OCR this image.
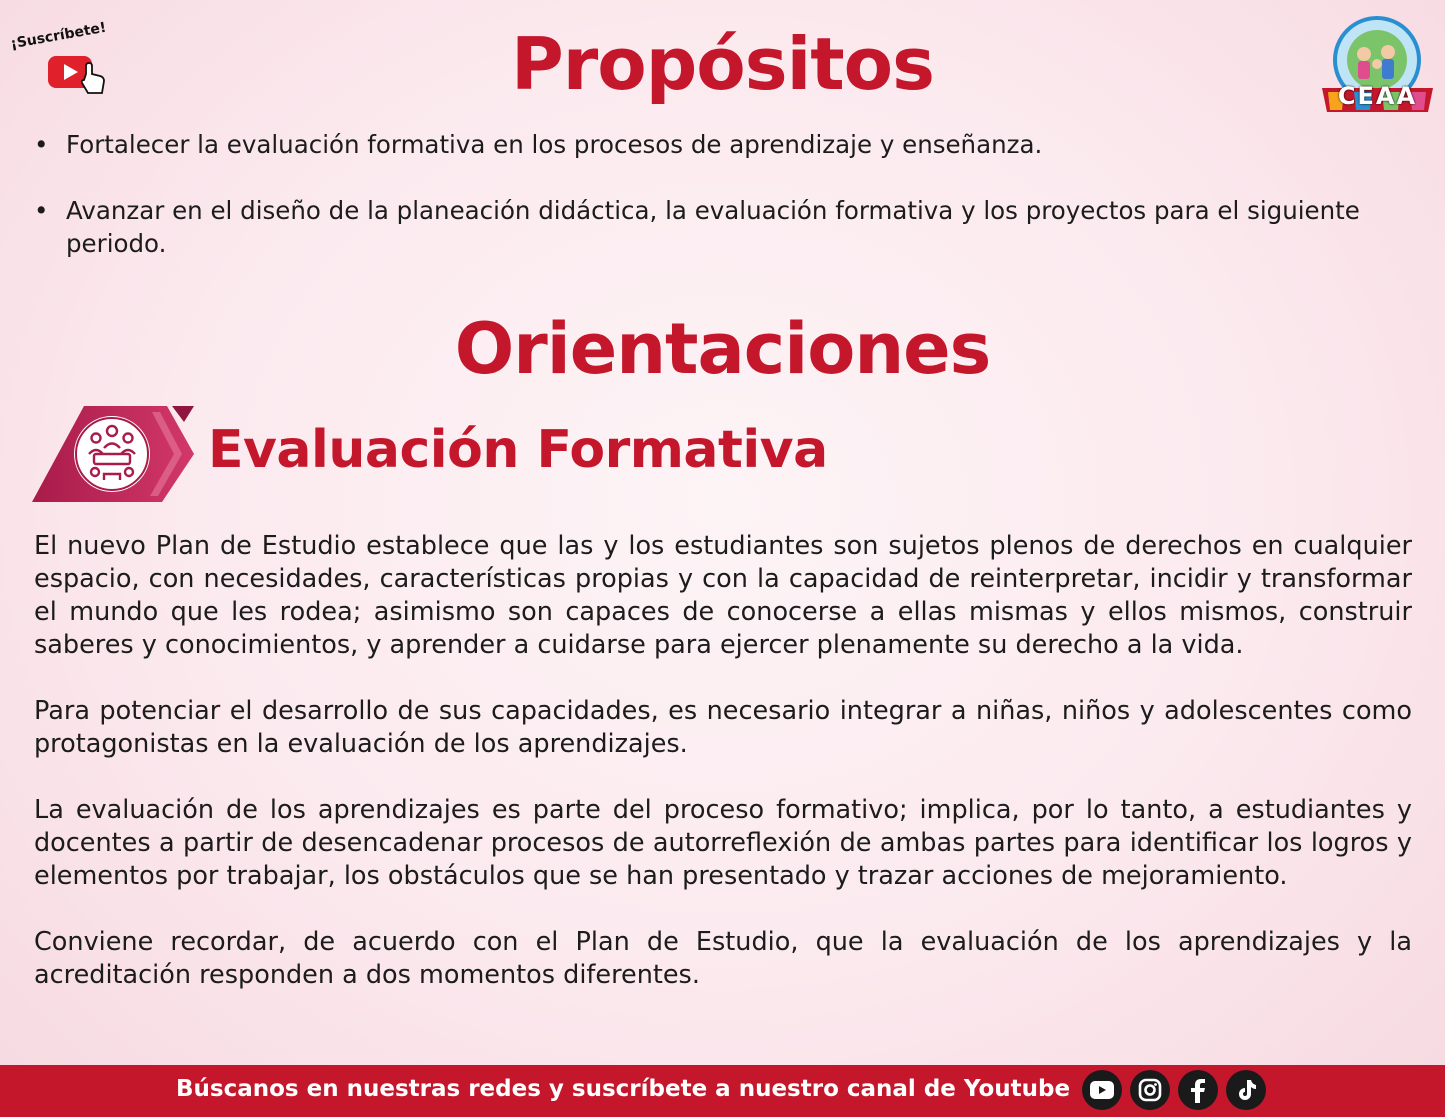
¡Suscríbete!
CEAA
Propósitos
• Fortalecer la evaluación formativa en los procesos de aprendizaje y enseñanza.
• Avanzar en el diseño de la planeación didáctica, la evaluación formativa y los proyectos para el siguiente periodo.
Orientaciones
Evaluación Formativa

El nuevo Plan de Estudio establece que las y los estudiantes son sujetos plenos de derechos en cualquier espacio, con necesidades, características propias y con la capacidad de reinterpretar, incidir y transformar el mundo que les rodea; asimismo son capaces de conocerse a ellas mismas y ellos mismos, construir saberes y conocimientos, y aprender a cuidarse para ejercer plenamente su derecho a la vida.

Para potenciar el desarrollo de sus capacidades, es necesario integrar a niñas, niños y adolescentes como protagonistas en la evaluación de los aprendizajes.

La evaluación de los aprendizajes es parte del proceso formativo; implica, por lo tanto, a estudiantes y docentes a partir de desencadenar procesos de autorreflexión de ambas partes para identificar los logros y elementos por trabajar, los obstáculos que se han presentado y trazar acciones de mejoramiento.

Conviene recordar, de acuerdo con el Plan de Estudio, que la evaluación de los aprendizajes y la acreditación responden a dos momentos diferentes.

Búscanos en nuestras redes y suscríbete a nuestro canal de Youtube
